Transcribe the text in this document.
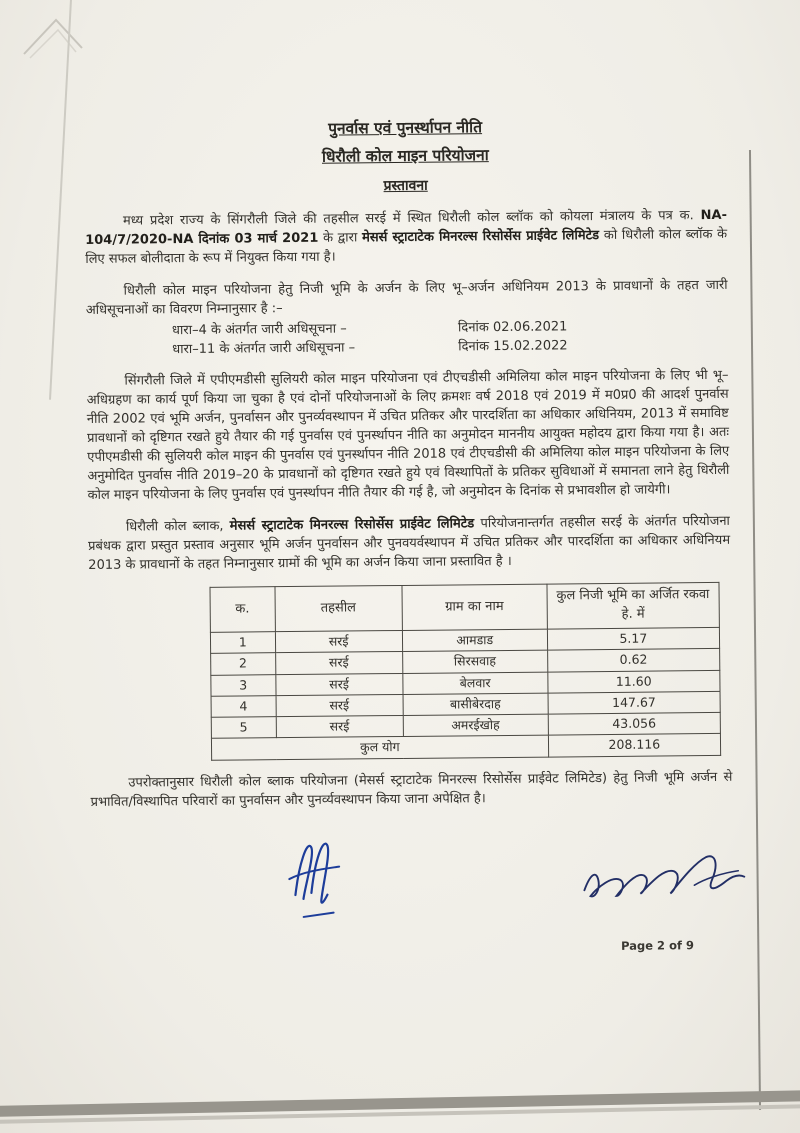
पुनर्वास एवं पुनर्स्थापन नीति
धिरौली कोल माइन परियोजना
प्रस्तावना

मध्य प्रदेश राज्य के सिंगरौली जिले की तहसील सरई में स्थित धिरौली कोल ब्लॉक को कोयला मंत्रालय के पत्र क. NA-104/7/2020-NA दिनांक 03 मार्च 2021 के द्वारा मेसर्स स्ट्राटाटेक मिनरल्स रिसोर्सेस प्राईवेट लिमिटेड को धिरौली कोल ब्लॉक के लिए सफल बोलीदाता के रूप में नियुक्त किया गया है।

धिरौली कोल माइन परियोजना हेतु निजी भूमि के अर्जन के लिए भू–अर्जन अधिनियम 2013 के प्रावधानों के तहत जारी अधिसूचनाओं का विवरण निम्नानुसार है :–

धारा–4 के अंतर्गत जारी अधिसूचना –	दिनांक 02.06.2021
धारा–11 के अंतर्गत जारी अधिसूचना –	दिनांक 15.02.2022

सिंगरौली जिले में एपीएमडीसी सुलियरी कोल माइन परियोजना एवं टीएचडीसी अमिलिया कोल माइन परियोजना के लिए भी भू–अधिग्रहण का कार्य पूर्ण किया जा चुका है एवं दोनों परियोजनाओं के लिए क्रमशः वर्ष 2018 एवं 2019 में म0प्र0 की आदर्श पुनर्वास नीति 2002 एवं भूमि अर्जन, पुनर्वासन और पुनर्व्यवस्थापन में उचित प्रतिकर और पारदर्शिता का अधिकार अधिनियम, 2013 में समाविष्ट प्रावधानों को दृष्टिगत रखते हुये तैयार की गई पुनर्वास एवं पुनर्स्थापन नीति का अनुमोदन माननीय आयुक्त महोदय द्वारा किया गया है। अतः एपीएमडीसी की सुलियरी कोल माइन की पुनर्वास एवं पुनर्स्थापन नीति 2018 एवं टीएचडीसी की अमिलिया कोल माइन परियोजना के लिए अनुमोदित पुनर्वास नीति 2019–20 के प्रावधानों को दृष्टिगत रखते हुये एवं विस्थापितों के प्रतिकर सुविधाओं में समानता लाने हेतु धिरौली कोल माइन परियोजना के लिए पुनर्वास एवं पुनर्स्थापन नीति तैयार की गई है, जो अनुमोदन के दिनांक से प्रभावशील हो जायेगी।

धिरौली कोल ब्लाक, मेसर्स स्ट्राटाटेक मिनरल्स रिसोर्सेस प्राईवेट लिमिटेड परियोजनान्तर्गत तहसील सरई के अंतर्गत परियोजना प्रबंधक द्वारा प्रस्तुत प्रस्ताव अनुसार भूमि अर्जन पुनर्वासन और पुनवयर्वस्थापन में उचित प्रतिकर और पारदर्शिता का अधिकार अधिनियम 2013 के प्रावधानों के तहत निम्नानुसार ग्रामों की भूमि का अर्जन किया जाना प्रस्तावित है ।

क.	तहसील	ग्राम का नाम	कुल निजी भूमि का अर्जित रकवा हे. में
1	सरई	आमडाड	5.17
2	सरई	सिरसवाह	0.62
3	सरई	बेलवार	11.60
4	सरई	बासीबेरदाह	147.67
5	सरई	अमरईखोह	43.056
कुल योग			208.116

उपरोक्तानुसार धिरौली कोल ब्लाक परियोजना (मेसर्स स्ट्राटाटेक मिनरल्स रिसोर्सेस प्राईवेट लिमिटेड) हेतु निजी भूमि अर्जन से प्रभावित/विस्थापित परिवारों का पुनर्वासन और पुनर्व्यवस्थापन किया जाना अपेक्षित है।

Page 2 of 9
